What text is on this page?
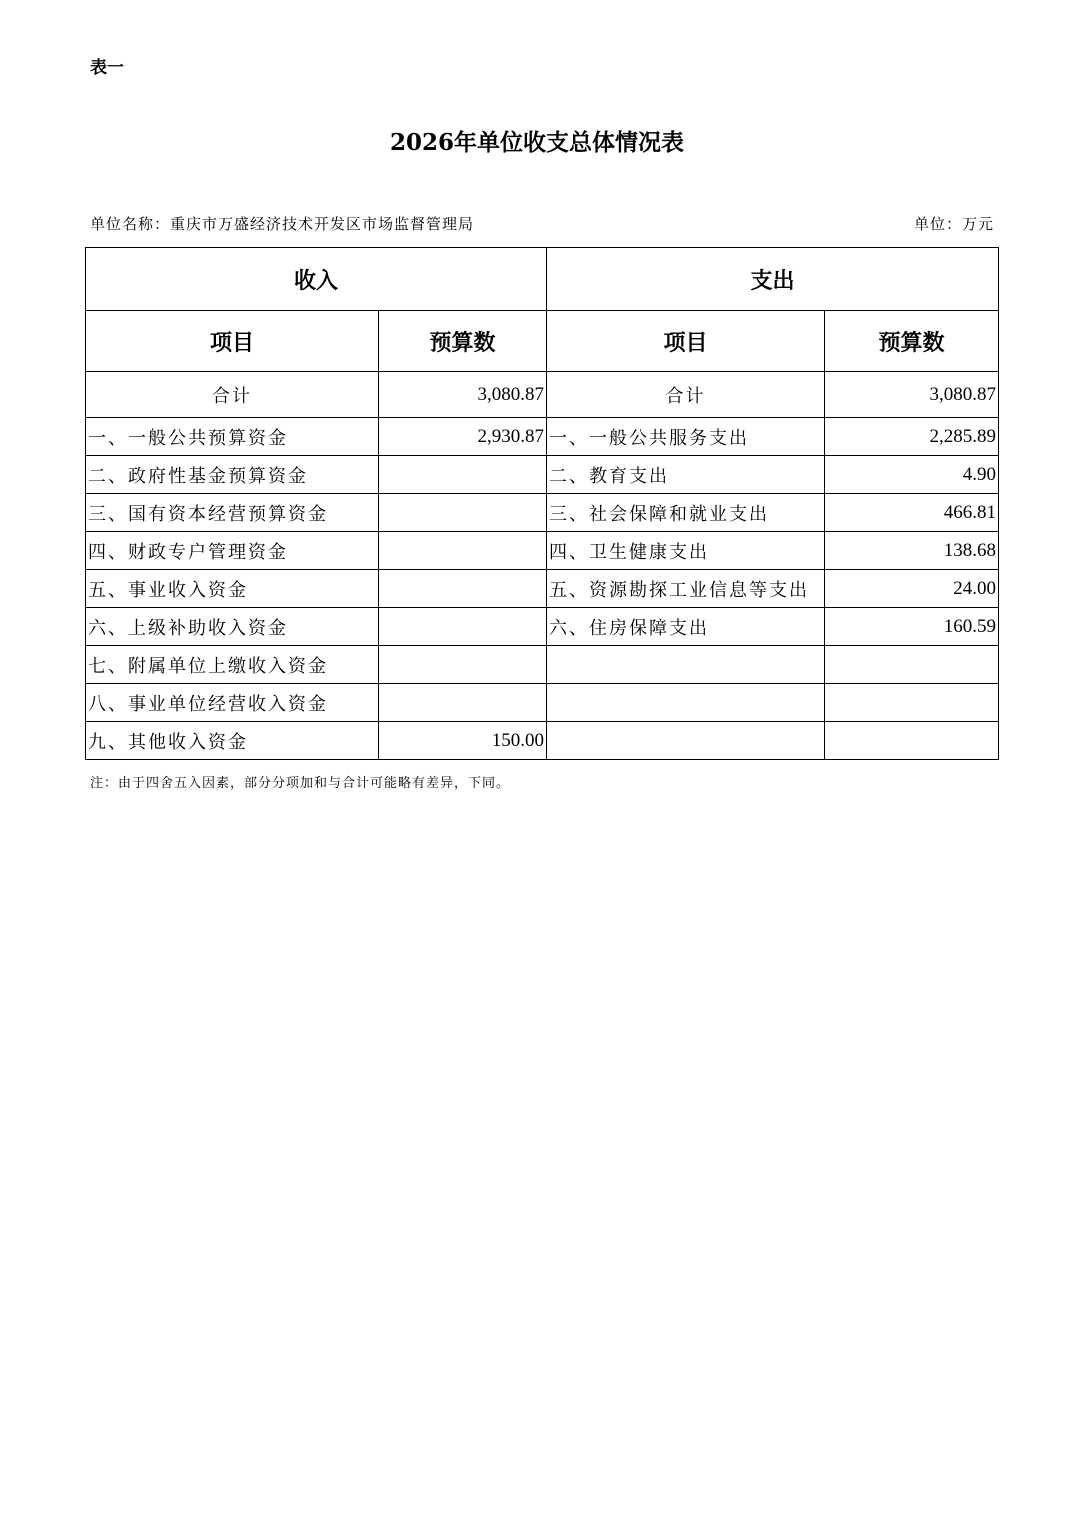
表一
2026年单位收支总体情况表
单位名称：重庆市万盛经济技术开发区市场监督管理局	单位：万元
收入		支出	
项目	预算数	项目	预算数
合计	3,080.87	合计	3,080.87
一、一般公共预算资金	2,930.87	一、一般公共服务支出	2,285.89
二、政府性基金预算资金		二、教育支出	4.90
三、国有资本经营预算资金		三、社会保障和就业支出	466.81
四、财政专户管理资金		四、卫生健康支出	138.68
五、事业收入资金		五、资源勘探工业信息等支出	24.00
六、上级补助收入资金		六、住房保障支出	160.59
七、附属单位上缴收入资金			
八、事业单位经营收入资金			
九、其他收入资金	150.00		
注：由于四舍五入因素，部分分项加和与合计可能略有差异，下同。
